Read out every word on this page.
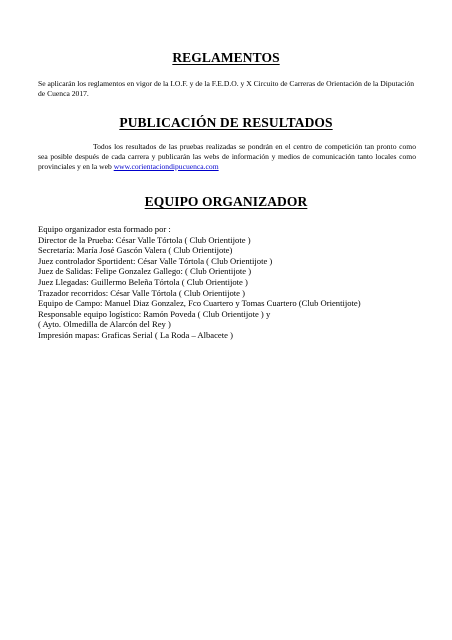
REGLAMENTOS

Se aplicarán los reglamentos en vigor de la I.O.F. y de la F.E.D.O. y X Circuito de Carreras de Orientación de la Diputación de Cuenca 2017.

PUBLICACIÓN DE RESULTADOS

Todos los resultados de las pruebas realizadas se pondrán en el centro de competición tan pronto como sea posible después de cada carrera y publicarán las webs de información y medios de comunicación tanto locales como provinciales y en la web www.corientaciondipucuenca.com

EQUIPO ORGANIZADOR
Equipo organizador esta formado por :
Director de la Prueba: César Valle Tórtola ( Club Orientijote )
Secretaría: María José Gascón Valera ( Club Orientijote)
Juez controlador Sportident: César Valle Tórtola ( Club Orientijote )
Juez de Salidas: Felipe Gonzalez Gallego: ( Club Orientijote )
Juez Llegadas: Guillermo Beleña Tórtola ( Club Orientijote )
Trazador recorridos: César Valle Tórtola ( Club Orientijote )
Equipo de Campo: Manuel Diaz Gonzalez, Fco Cuartero y Tomas Cuartero (Club Orientijote)
Responsable equipo logístico: Ramón Poveda ( Club Orientijote ) y
( Ayto. Olmedilla de Alarcón del Rey )
Impresión mapas: Graficas Serial ( La Roda – Albacete )
